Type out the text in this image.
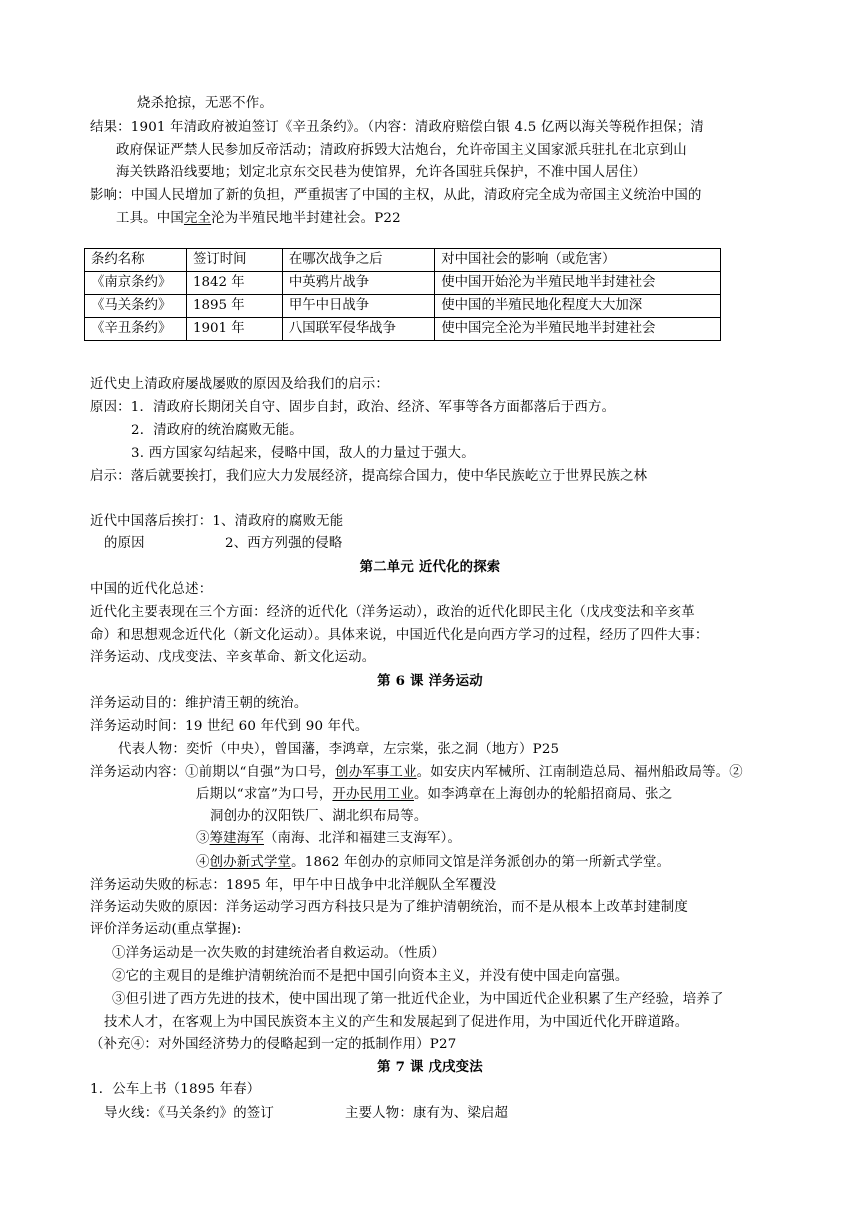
烧杀抢掠，无恶不作。
结果：1901 年清政府被迫签订《辛丑条约》。（内容：清政府赔偿白银 4.5 亿两以海关等税作担保；清
政府保证严禁人民参加反帝活动；清政府拆毁大沽炮台，允许帝国主义国家派兵驻扎在北京到山
海关铁路沿线要地；划定北京东交民巷为使馆界，允许各国驻兵保护，不准中国人居住）
影响：中国人民增加了新的负担，严重损害了中国的主权，从此，清政府完全成为帝国主义统治中国的
工具。中国完全沦为半殖民地半封建社会。P22
条约名称	签订时间	在哪次战争之后	对中国社会的影响（或危害）
《南京条约》	1842 年	中英鸦片战争	使中国开始沦为半殖民地半封建社会
《马关条约》	1895 年	甲午中日战争	使中国的半殖民地化程度大大加深
《辛丑条约》	1901 年	八国联军侵华战争	使中国完全沦为半殖民地半封建社会
近代史上清政府屡战屡败的原因及给我们的启示：
原因：1．清政府长期闭关自守、固步自封，政治、经济、军事等各方面都落后于西方。
2．清政府的统治腐败无能。
3. 西方国家勾结起来，侵略中国，敌人的力量过于强大。
启示：落后就要挨打，我们应大力发展经济，提高综合国力，使中华民族屹立于世界民族之林
近代中国落后挨打：1、清政府的腐败无能
的原因	2、西方列强的侵略
第二单元 近代化的探索
中国的近代化总述：
近代化主要表现在三个方面：经济的近代化（洋务运动），政治的近代化即民主化（戊戌变法和辛亥革
命）和思想观念近代化（新文化运动）。具体来说，中国近代化是向西方学习的过程，经历了四件大事：
洋务运动、戊戌变法、辛亥革命、新文化运动。
第 6 课 洋务运动
洋务运动目的：维护清王朝的统治。
洋务运动时间：19 世纪 60 年代到 90 年代。
代表人物：奕忻（中央），曾国藩，李鸿章，左宗棠，张之洞（地方）P25
洋务运动内容：①前期以“自强”为口号，创办军事工业。如安庆内军械所、江南制造总局、福州船政局等。②
后期以“求富”为口号，开办民用工业。如李鸿章在上海创办的轮船招商局、张之
洞创办的汉阳铁厂、湖北织布局等。
③筹建海军（南海、北洋和福建三支海军）。
④创办新式学堂。1862 年创办的京师同文馆是洋务派创办的第一所新式学堂。
洋务运动失败的标志：1895 年，甲午中日战争中北洋舰队全军覆没
洋务运动失败的原因：洋务运动学习西方科技只是为了维护清朝统治，而不是从根本上改革封建制度
评价洋务运动(重点掌握):
①洋务运动是一次失败的封建统治者自救运动。（性质）
②它的主观目的是维护清朝统治而不是把中国引向资本主义，并没有使中国走向富强。
③但引进了西方先进的技术，使中国出现了第一批近代企业，为中国近代企业积累了生产经验，培养了
技术人才，在客观上为中国民族资本主义的产生和发展起到了促进作用，为中国近代化开辟道路。
（补充④：对外国经济势力的侵略起到一定的抵制作用）P27
第 7 课 戊戌变法
1．公车上书（1895 年春）
导火线：《马关条约》的签订	主要人物：康有为、梁启超
